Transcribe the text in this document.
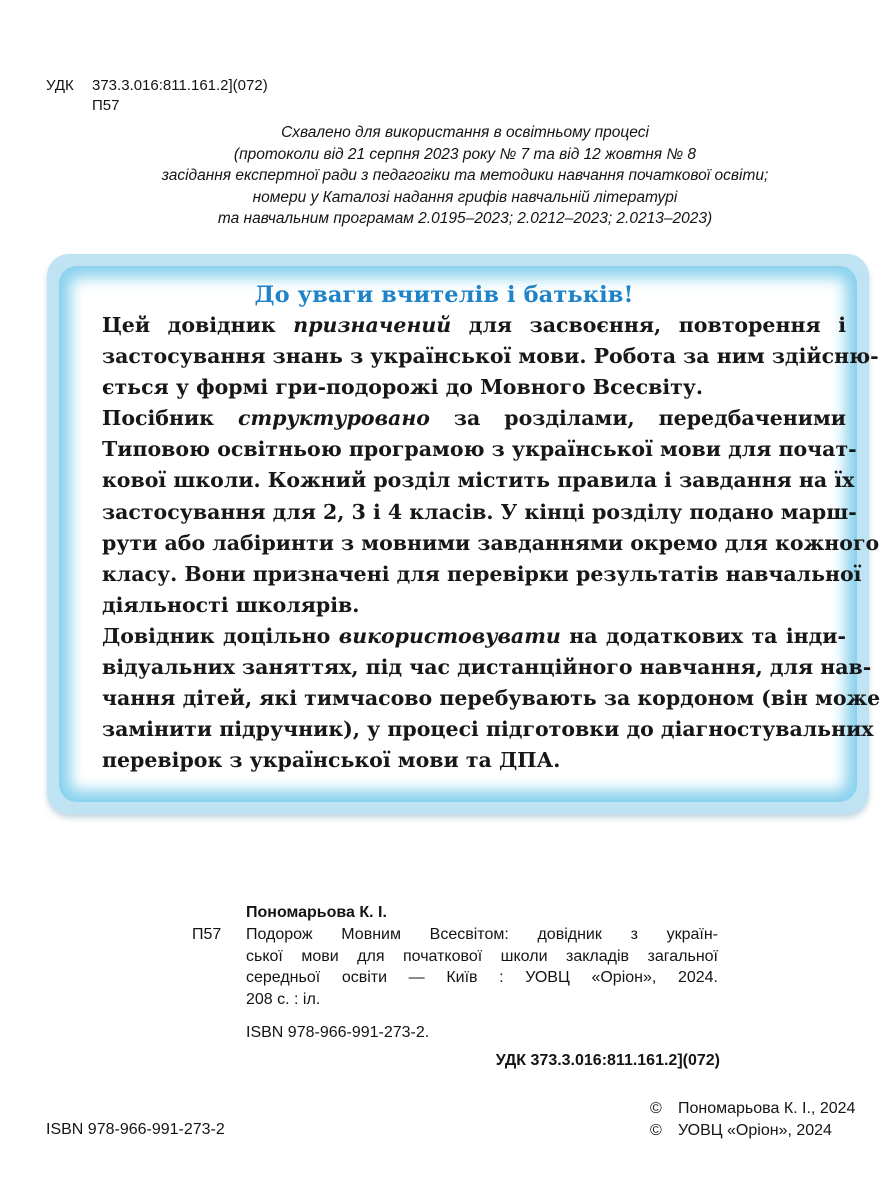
УДК	373.3.016:811.161.2](072)
П57

Схвалено для використання в освітньому процесі

(протоколи від 21 серпня 2023 року № 7 та від 12 жовтня № 8

засідання експертної ради з педагогіки та методики навчання початкової освіти;

номери у Каталозі надання грифів навчальній літературі

та навчальним програмам 2.0195–2023; 2.0212–2023; 2.0213–2023)

До уваги вчителів і батьків!

Цей довідник призначений для засвоєння, повторення і
застосування знань з української мови. Робота за ним здійсню-
ється у формі гри-подорожі до Мовного Всесвіту.

Посібник структуровано за розділами, передбаченими
Типовою освітньою програмою з української мови для почат-
кової школи. Кожний розділ містить правила і завдання на їх
застосування для 2, 3 і 4 класів. У кінці розділу подано марш-
рути або лабіринти з мовними завданнями окремо для кожного
класу. Вони призначені для перевірки результатів навчальної
діяльності школярів.

Довідник доцільно використовувати на додаткових та інди-
відуальних заняттях, під час дистанційного навчання, для нав-
чання дітей, які тимчасово перебувають за кордоном (він може
замінити підручник), у процесі підготовки до діагностувальних
перевірок з української мови та ДПА.

Пономарьова К. І.
П57 Подорож Мовним Всесвітом: довідник з україн-
ської мови для початкової школи закладів загальної
середньої освіти — Київ : УОВЦ «Оріон», 2024.
208 с. : іл.
ISBN 978-966-991-273-2.
УДК 373.3.016:811.161.2](072)
ISBN 978-966-991-273-2
© Пономарьова К. І., 2024
© УОВЦ «Оріон», 2024
